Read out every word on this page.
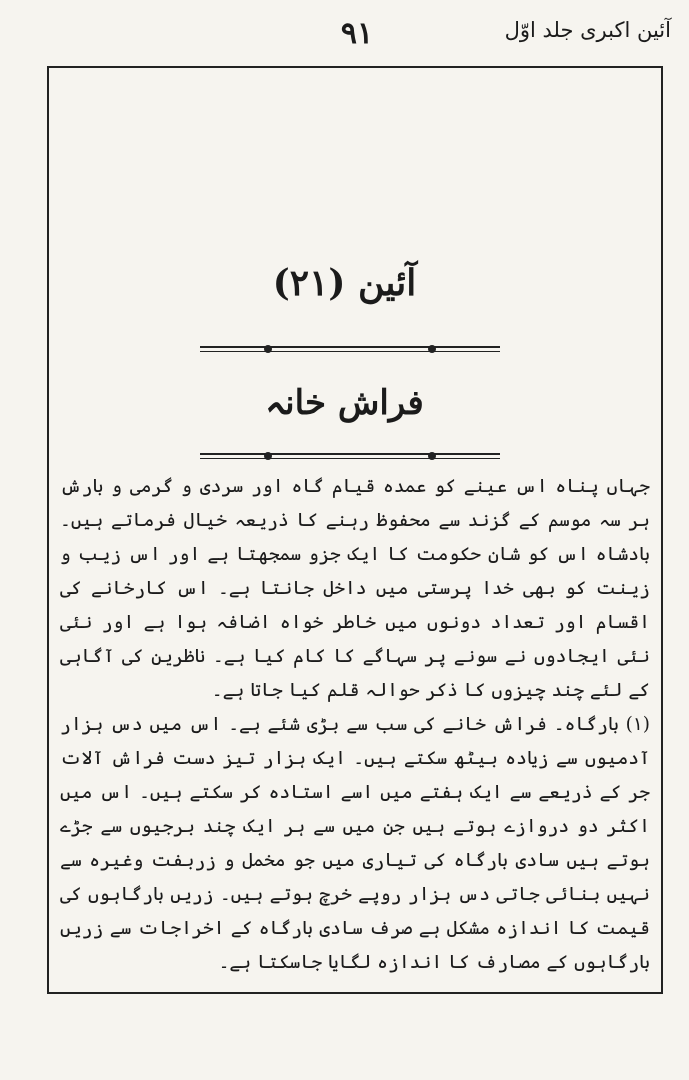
۹۱	آئین اکبری جلد اوّل
آئین (۲۱)
فراش خانہ

جہاں پناہ اس عینے کو عمدہ قیام گاہ اور سردی و گرمی و بارش ہر سہ موسم کے گزند سے محفوظ رہنے کا ذریعہ خیال فرماتے ہیں۔ بادشاہ اس کو شان حکومت کا ایک جزو سمجھتا ہے اور اس زیب و زینت کو بھی خدا پرستی میں داخل جانتا ہے۔ اس کارخانے کی اقسام اور تعداد دونوں میں خاطر خواہ اضافہ ہوا ہے اور نئی نئی ایجادوں نے سونے پر سہاگے کا کام کیا ہے۔ ناظرین کی آگاہی کے لئے چند چیزوں کا ذکر حوالہ قلم کیا جاتا ہے۔

(۱) بارگاہ۔ فراش خانے کی سب سے بڑی شئے ہے۔ اس میں دس ہزار آدمیوں سے زیادہ بیٹھ سکتے ہیں۔ ایک ہزار تیز دست فراش آلات جر کے ذریعے سے ایک ہفتے میں اسے استادہ کر سکتے ہیں۔ اس میں اکثر دو دروازے ہوتے ہیں جن میں سے ہر ایک چند برجیوں سے جڑے ہوتے ہیں سادی بارگاہ کی تیاری میں جو مخمل و زربفت وغیرہ سے نہیں بنائی جاتی دس ہزار روپے خرچ ہوتے ہیں۔ زریں بارگاہوں کی قیمت کا اندازہ مشکل ہے صرف سادی بارگاہ کے اخراجات سے زریں بارگاہوں کے مصارف کا اندازہ لگایا جاسکتا ہے۔
